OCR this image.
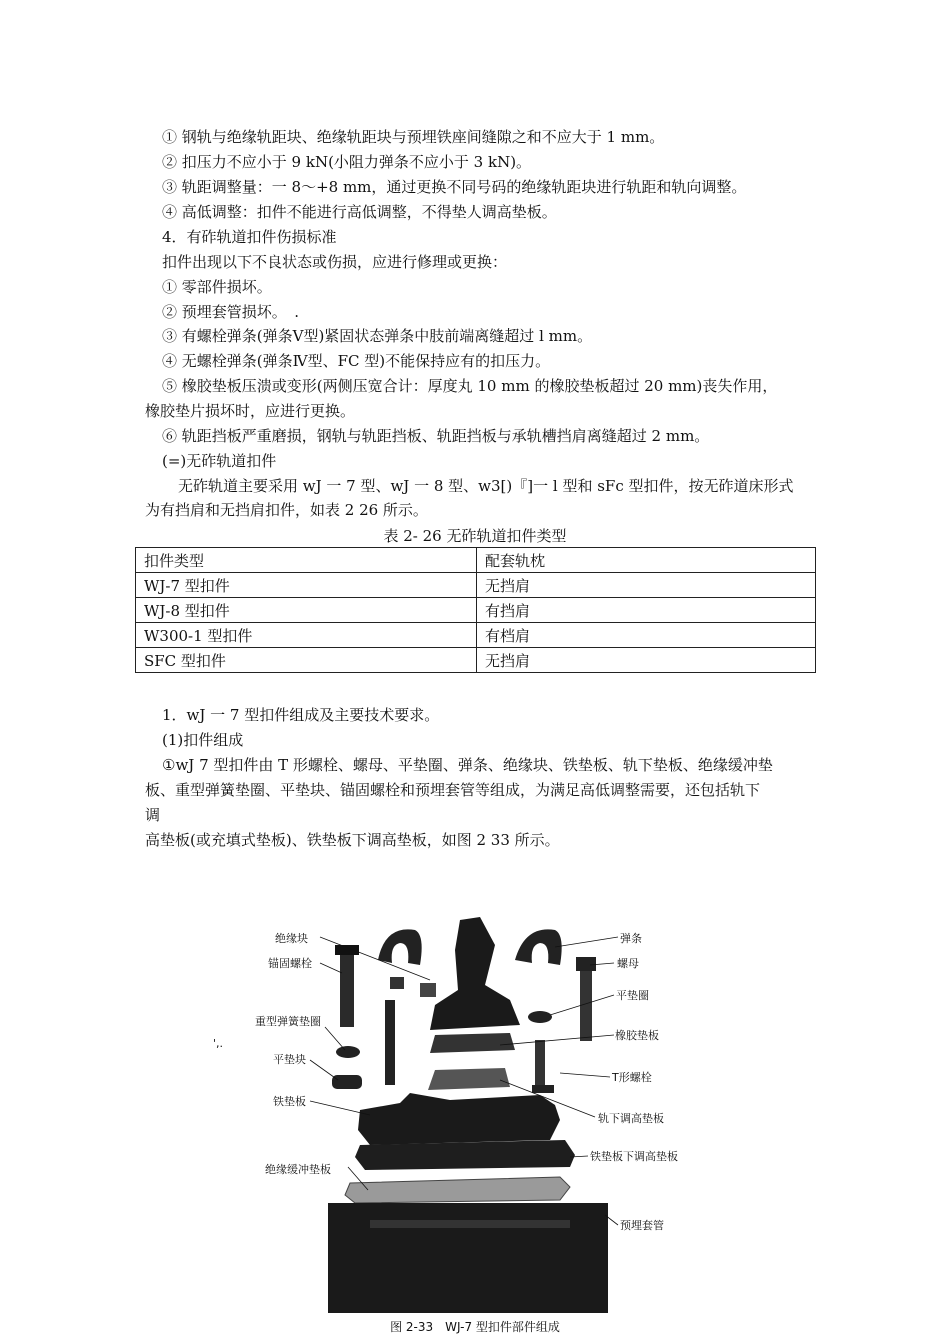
① 钢轨与绝缘轨距块、绝缘轨距块与预埋铁座间缝隙之和不应大于 1 mm。
② 扣压力不应小于 9 kN(小阻力弹条不应小于 3 kN)。
③ 轨距调整量：一 8～+8 mm，通过更换不同号码的绝缘轨距块进行轨距和轨向调整。
④ 高低调整：扣件不能进行高低调整，不得垫人调高垫板。
4．有砟轨道扣件伤损标准
扣件出现以下不良状态或伤损，应进行修理或更换：
① 零部件损坏。
② 预埋套管损坏。　.
③ 有螺栓弹条(弹条Ⅴ型)紧固状态弹条中肢前端离缝超过 l mm。
④ 无螺栓弹条(弹条Ⅳ型、FC 型)不能保持应有的扣压力。
⑤ 橡胶垫板压溃或变形(两侧压宽合计：厚度丸 10 mm 的橡胶垫板超过 20 mm)丧失作用，
橡胶垫片损坏时，应进行更换。
⑥ 轨距挡板严重磨损，钢轨与轨距挡板、轨距挡板与承轨槽挡肩离缝超过 2 mm。
(=)无砟轨道扣件
无砟轨道主要采用 wJ 一 7 型、wJ 一 8 型、w3[)『]一 l 型和 sFc 型扣件，按无砟道床形式
为有挡肩和无挡肩扣件，如表 2 26 所示。
1．wJ 一 7 型扣件组成及主要技术要求。
(1)扣件组成
①wJ 7 型扣件由 T 形螺栓、螺母、平垫圈、弹条、绝缘块、铁垫板、轨下垫板、绝缘缓冲垫
板、重型弹簧垫圈、平垫块、锚固螺栓和预埋套管等组成，为满足高低调整需要，还包括轨下
调
高垫板(或充填式垫板)、铁垫板下调高垫板，如图 2 33 所示。
表 2- 26 无砟轨道扣件类型
扣件类型	配套轨枕
WJ-7 型扣件	无挡肩
WJ-8 型扣件	有挡肩
W300-1 型扣件	有档肩
SFC 型扣件	无挡肩
绝缘块
锚固螺栓
重型弹簧垫圈
平垫块
铁垫板
绝缘缓冲垫板
弹条
螺母
平垫圈
橡胶垫板
T形螺栓
轨下调高垫板
铁垫板下调高垫板
预埋套管
',.
图 2-33　WJ-7 型扣件部件组成
